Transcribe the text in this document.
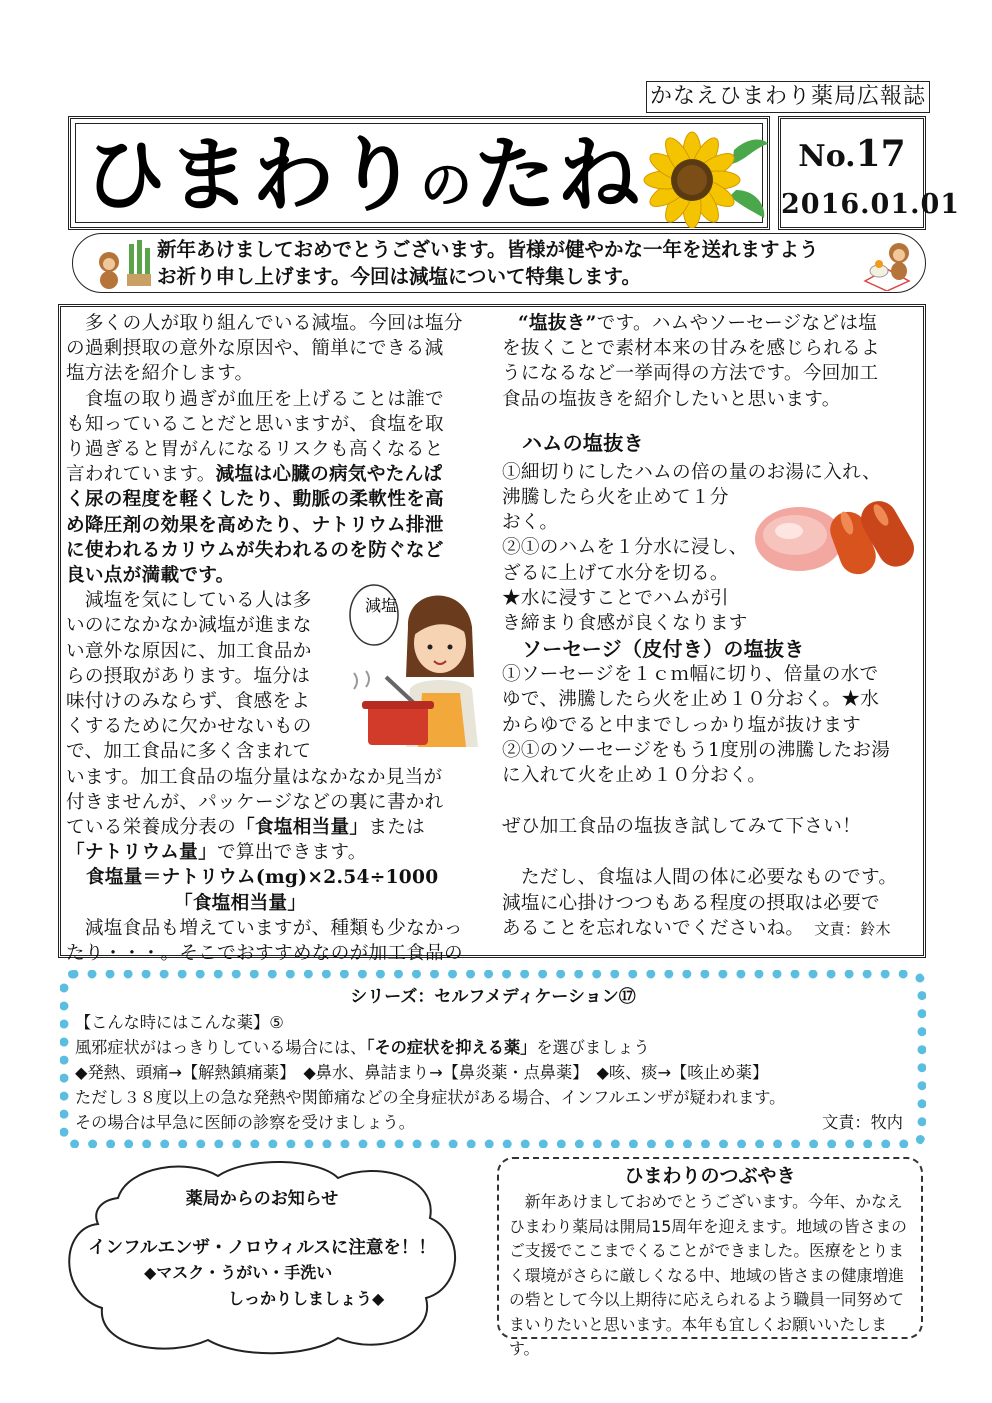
かなえひまわり薬局広報誌
ひまわりのたね	No.17
2016.01.01

新年あけましておめでとうございます。皆様が健やかな一年を送れますよう
お祈り申し上げます。今回は減塩について特集します。

　多くの人が取り組んでいる減塩。今回は塩分

の過剰摂取の意外な原因や、簡単にできる減

塩方法を紹介します。

　食塩の取り過ぎが血圧を上げることは誰で

も知っていることだと思いますが、食塩を取

り過ぎると胃がんになるリスクも高くなると

言われています。減塩は心臓の病気やたんぱ

く尿の程度を軽くしたり、動脈の柔軟性を高

め降圧剤の効果を高めたり、ナトリウム排泄

に使われるカリウムが失われるのを防ぐなど

良い点が満載です。

　減塩を気にしている人は多

いのになかなか減塩が進まな

い意外な原因に、加工食品か

らの摂取があります。塩分は

味付けのみならず、食感をよ

くするために欠かせないもの

で、加工食品に多く含まれて

います。加工食品の塩分量はなかなか見当が

付きませんが、パッケージなどの裏に書かれ

ている栄養成分表の「食塩相当量」または

「ナトリウム量」で算出できます。

食塩量＝ナトリウム(mg)×2.54÷1000

「食塩相当量」

　減塩食品も増えていますが、種類も少なかっ

たり・・・。そこでおすすめなのが加工食品の

減塩

“塩抜き”です。ハムやソーセージなどは塩

を抜くことで素材本来の甘みを感じられるよ

うになるなど一挙両得の方法です。今回加工

食品の塩抜きを紹介したいと思います。

ハムの塩抜き

①細切りにしたハムの倍の量のお湯に入れ、

沸騰したら火を止めて１分

おく。

②①のハムを１分水に浸し、

ざるに上げて水分を切る。

★水に浸すことでハムが引

き締まり食感が良くなります

ソーセージ（皮付き）の塩抜き

①ソーセージを１ｃｍ幅に切り、倍量の水で

ゆで、沸騰したら火を止め１０分おく。★水

からゆでると中までしっかり塩が抜けます

②①のソーセージをもう1度別の沸騰したお湯

に入れて火を止め１０分おく。

ぜひ加工食品の塩抜き試してみて下さい！

　ただし、食塩は人間の体に必要なものです。

減塩に心掛けつつもある程度の摂取は必要で

あることを忘れないでくださいね。 文責：鈴木

シリーズ：セルフメディケーション⑰
【こんな時にはこんな薬】⑤
風邪症状がはっきりしている場合には、「その症状を抑える薬」を選びましょう
◆発熱、頭痛→【解熱鎮痛薬】　◆鼻水、鼻詰まり→【鼻炎薬・点鼻薬】　◆咳、痰→【咳止め薬】
ただし３８度以上の急な発熱や関節痛などの全身症状がある場合、インフルエンザが疑われます。
その場合は早急に医師の診察を受けましょう。	文責：牧内
薬局からのお知らせ
インフルエンザ・ノロウィルスに注意を！！
◆マスク・うがい・手洗い
しっかりしましょう◆
ひまわりのつぶやき
　新年あけましておめでとうございます。今年、かなえひまわり薬局は開局15周年を迎えます。地域の皆さまのご支援でここまでくることができました。医療をとりまく環境がさらに厳しくなる中、地域の皆さまの健康増進の砦として今以上期待に応えられるよう職員一同努めてまいりたいと思います。本年も宜しくお願いいたします。
